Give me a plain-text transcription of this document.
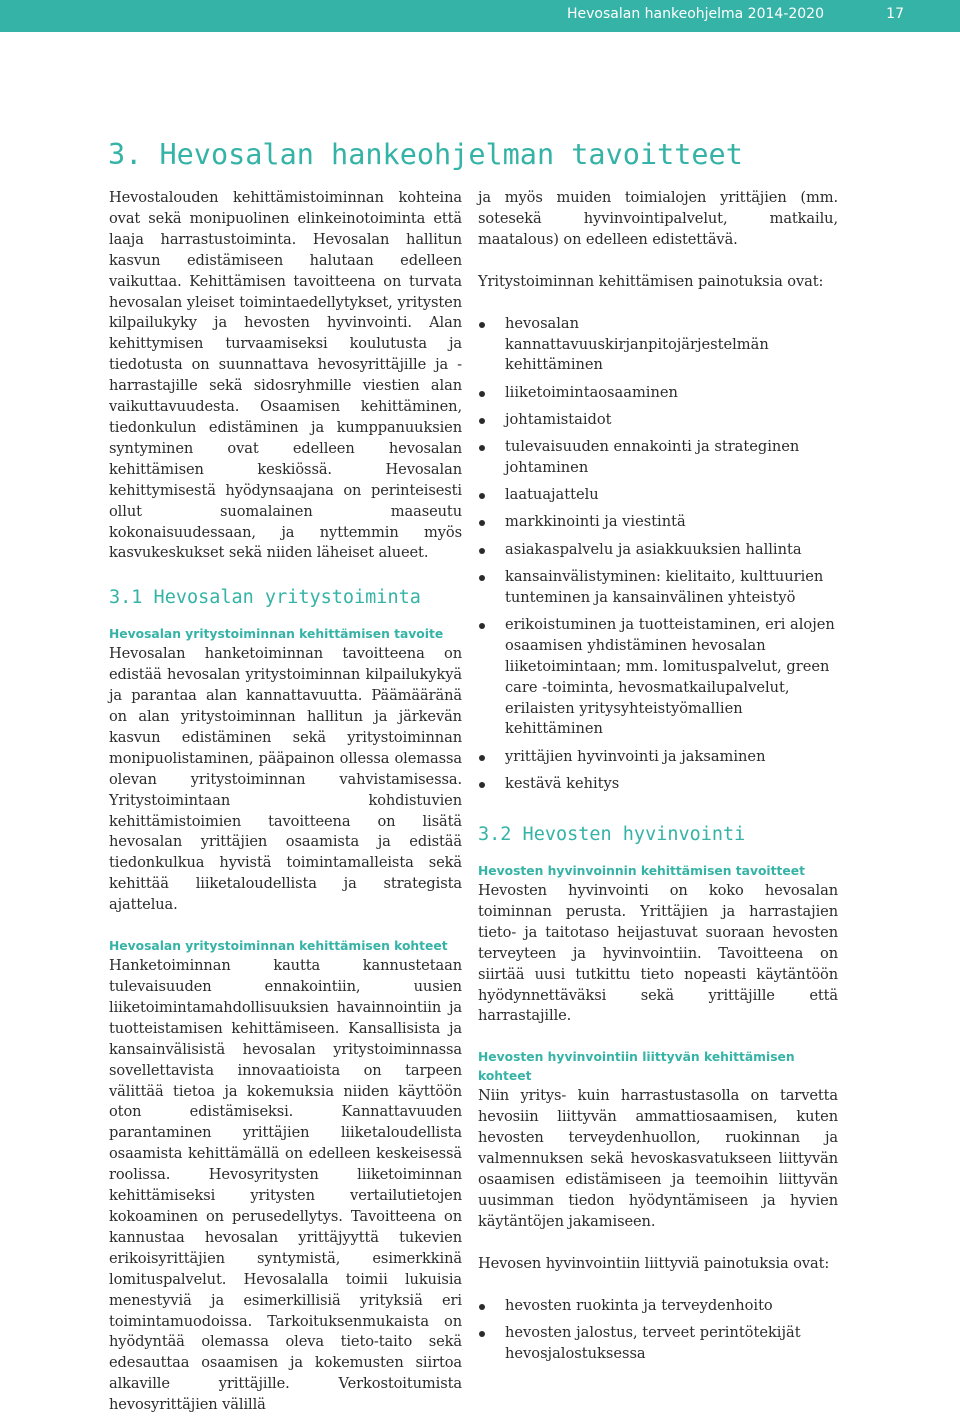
Hevosalan hankeohjelma 2014-2020	17
3. Hevosalan hankeohjelman tavoitteet

Hevostalouden kehittämistoiminnan kohteina ovat sekä monipuolinen elinkeinotoiminta että laaja harrastustoiminta. Hevosalan hallitun kasvun edistämiseen halutaan edelleen vaikuttaa. Kehittämisen tavoitteena on turvata hevosalan yleiset toimintaedellytykset, yritysten kilpailukyky ja hevosten hyvinvointi. Alan kehittymisen turvaamiseksi koulutusta ja tiedotusta on suunnattava hevosyrittäjille ja -harrastajille sekä sidosryhmille viestien alan vaikuttavuudesta. Osaamisen kehittäminen, tiedonkulun edistäminen ja kumppanuuksien syntyminen ovat edelleen hevosalan kehittämisen keskiössä. Hevosalan kehittymisestä hyödynsaajana on perinteisesti ollut suomalainen maaseutu kokonaisuudessaan, ja nyttemmin myös kasvukeskukset sekä niiden läheiset alueet.

3.1 Hevosalan yritystoiminta
Hevosalan yritystoiminnan kehittämisen tavoite

Hevosalan hanketoiminnan tavoitteena on edistää hevosalan yritystoiminnan kilpailukykyä ja parantaa alan kannattavuutta. Päämääränä on alan yritystoiminnan hallitun ja järkevän kasvun edistäminen sekä yritystoiminnan monipuolistaminen, pääpainon ollessa olemassa olevan yritystoiminnan vahvistamisessa. Yritystoimintaan kohdistuvien kehittämistoimien tavoitteena on lisätä hevosalan yrittäjien osaamista ja edistää tiedonkulkua hyvistä toimintamalleista sekä kehittää liiketaloudellista ja strategista ajattelua.

Hevosalan yritystoiminnan kehittämisen kohteet

Hanketoiminnan kautta kannustetaan tulevaisuuden ennakointiin, uusien liiketoimintamahdollisuuksien havainnointiin ja tuotteistamisen kehittämiseen. Kansallisista ja kansainvälisistä hevosalan yritystoiminnassa sovellettavista innovaatioista on tarpeen välittää tietoa ja kokemuksia niiden käyttöön oton edistämiseksi. Kannattavuuden parantaminen yrittäjien liiketaloudellista osaamista kehittämällä on edelleen keskeisessä roolissa. Hevosyritysten liiketoiminnan kehittämiseksi yritysten vertailutietojen kokoaminen on perusedellytys. Tavoitteena on kannustaa hevosalan yrittäjyyttä tukevien erikoisyrittäjien syntymistä, esimerkkinä lomituspalvelut. Hevosalalla toimii lukuisia menestyviä ja esimerkillisiä yrityksiä eri toimintamuodoissa. Tarkoituksenmukaista on hyödyntää olemassa oleva tieto-taito sekä edesauttaa osaamisen ja kokemusten siirtoa alkaville yrittäjille. Verkostoitumista hevosyrittäjien välillä

ja myös muiden toimialojen yrittäjien (mm. sotesekä hyvinvointipalvelut, matkailu, maatalous) on edelleen edistettävä.

Yritystoiminnan kehittämisen painotuksia ovat:

hevosalan kannattavuuskirjanpitojärjestelmän kehittäminen
liiketoimintaosaaminen
johtamistaidot
tulevaisuuden ennakointi ja strateginen johtaminen
laatuajattelu
markkinointi ja viestintä
asiakaspalvelu ja asiakkuuksien hallinta
kansainvälistyminen: kielitaito, kulttuurien tunteminen ja kansainvälinen yhteistyö
erikoistuminen ja tuotteistaminen, eri alojen osaamisen yhdistäminen hevosalan liiketoimintaan; mm. lomituspalvelut, green care -toiminta, hevosmatkailupalvelut, erilaisten yritysyhteistyömallien kehittäminen
yrittäjien hyvinvointi ja jaksaminen
kestävä kehitys
3.2 Hevosten hyvinvointi
Hevosten hyvinvoinnin kehittämisen tavoitteet

Hevosten hyvinvointi on koko hevosalan toiminnan perusta. Yrittäjien ja harrastajien tieto- ja taitotaso heijastuvat suoraan hevosten terveyteen ja hyvinvointiin. Tavoitteena on siirtää uusi tutkittu tieto nopeasti käytäntöön hyödynnettäväksi sekä yrittäjille että harrastajille.

Hevosten hyvinvointiin liittyvän kehittämisen kohteet

Niin yritys- kuin harrastustasolla on tarvetta hevosiin liittyvän ammattiosaamisen, kuten hevosten terveydenhuollon, ruokinnan ja valmennuksen sekä hevoskasvatukseen liittyvän osaamisen edistämiseen ja teemoihin liittyvän uusimman tiedon hyödyntämiseen ja hyvien käytäntöjen jakamiseen.

Hevosen hyvinvointiin liittyviä painotuksia ovat:

hevosten ruokinta ja terveydenhoito
hevosten jalostus, terveet perintötekijät hevosjalostuksessa
